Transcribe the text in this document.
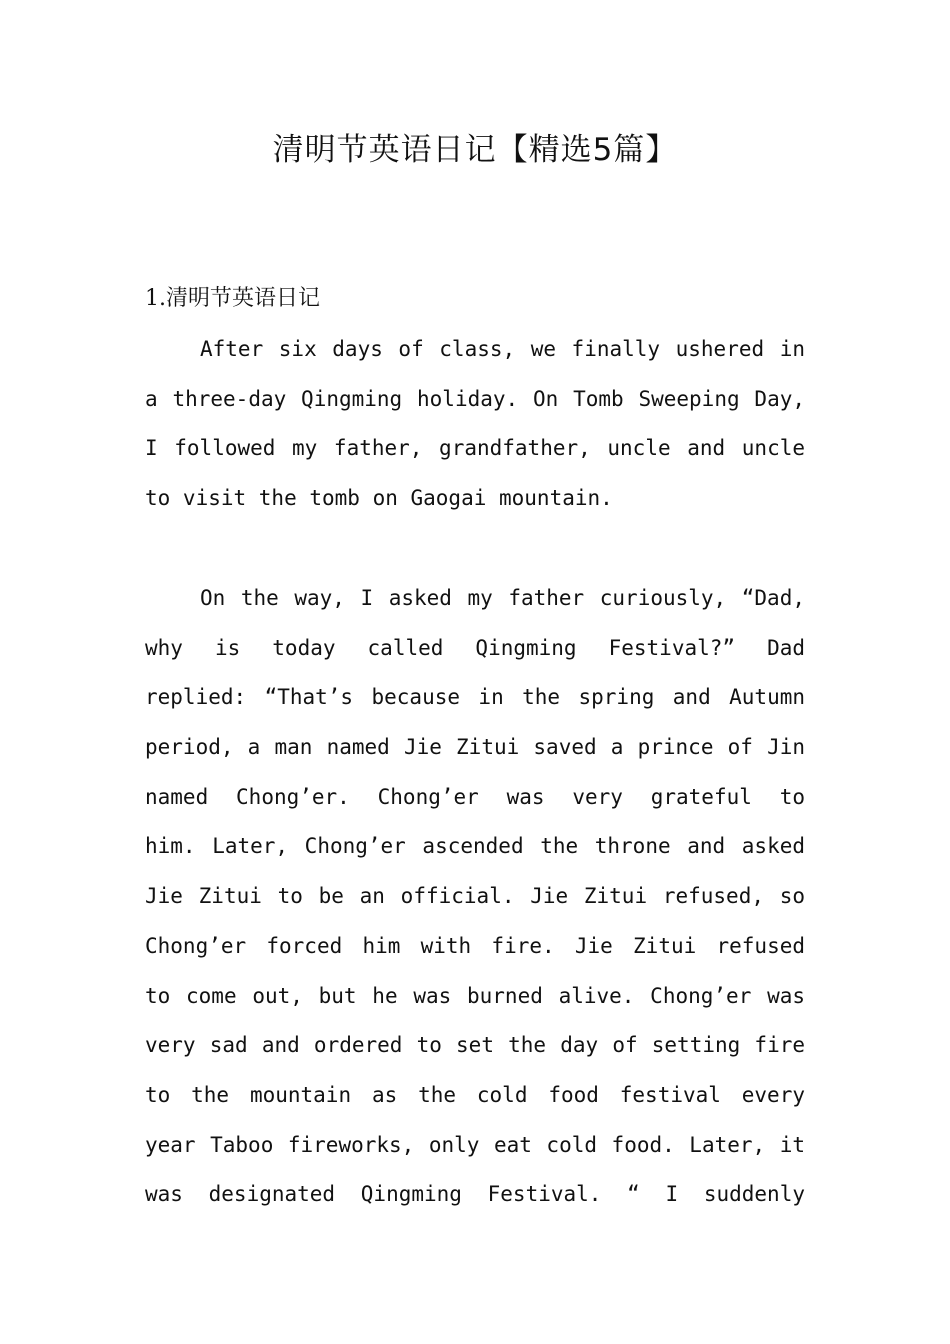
清明节英语日记【精选5篇】
1.清明节英语日记
After six days of class, we finally ushered in
a three-day Qingming holiday. On Tomb Sweeping Day,
I followed my father, grandfather, uncle and uncle
to visit the tomb on Gaogai mountain.
On the way, I asked my father curiously, “Dad,
why is today called Qingming Festival?” Dad
replied: “That’s because in the spring and Autumn
period, a man named Jie Zitui saved a prince of Jin
named Chong’er. Chong’er was very grateful to
him. Later, Chong’er ascended the throne and asked
Jie Zitui to be an official. Jie Zitui refused, so
Chong’er forced him with fire. Jie Zitui refused
to come out, but he was burned alive. Chong’er was
very sad and ordered to set the day of setting fire
to the mountain as the cold food festival every
year Taboo fireworks, only eat cold food. Later, it
was designated Qingming Festival. “ I suddenly
